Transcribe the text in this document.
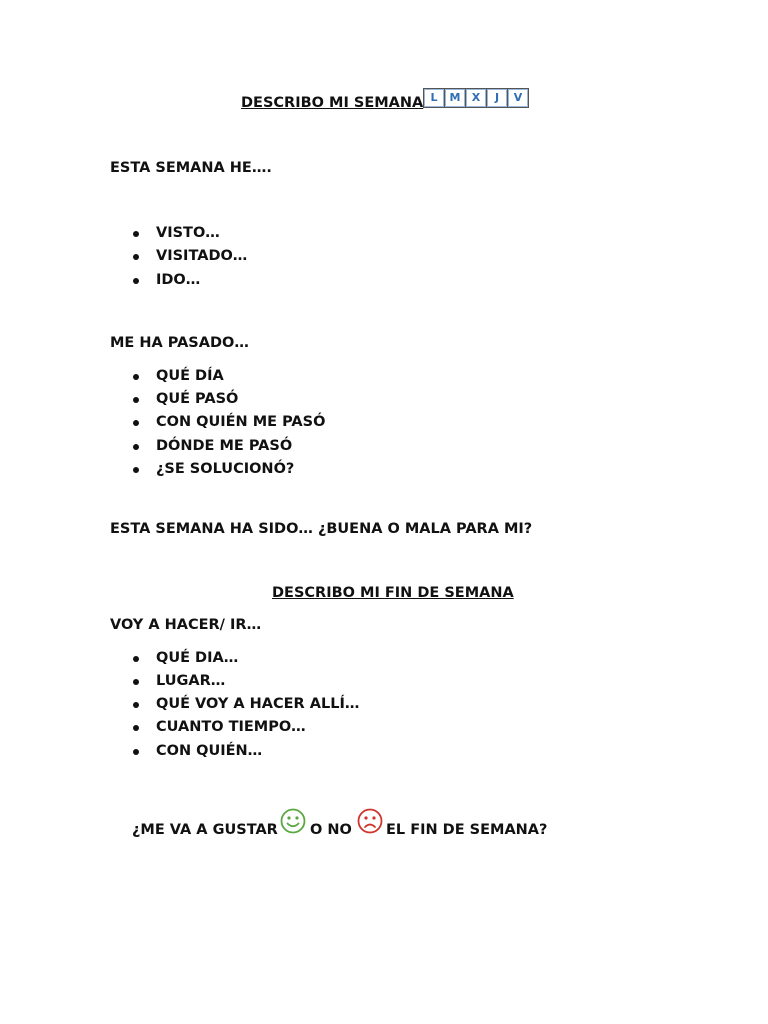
DESCRIBO MI SEMANA L	M	X	J	V
ESTA SEMANA HE….
VISTO…
VISITADO…
IDO…
ME HA PASADO…
QUÉ DÍA
QUÉ PASÓ
CON QUIÉN ME PASÓ
DÓNDE ME PASÓ
¿SE SOLUCIONÓ?
ESTA SEMANA HA SIDO… ¿BUENA O MALA PARA MI?
DESCRIBO MI FIN DE SEMANA
VOY A HACER/ IR…
QUÉ DIA…
LUGAR…
QUÉ VOY A HACER ALLÍ…
CUANTO TIEMPO…
CON QUIÉN…
¿ME VA A GUSTAR O NO EL FIN DE SEMANA?
